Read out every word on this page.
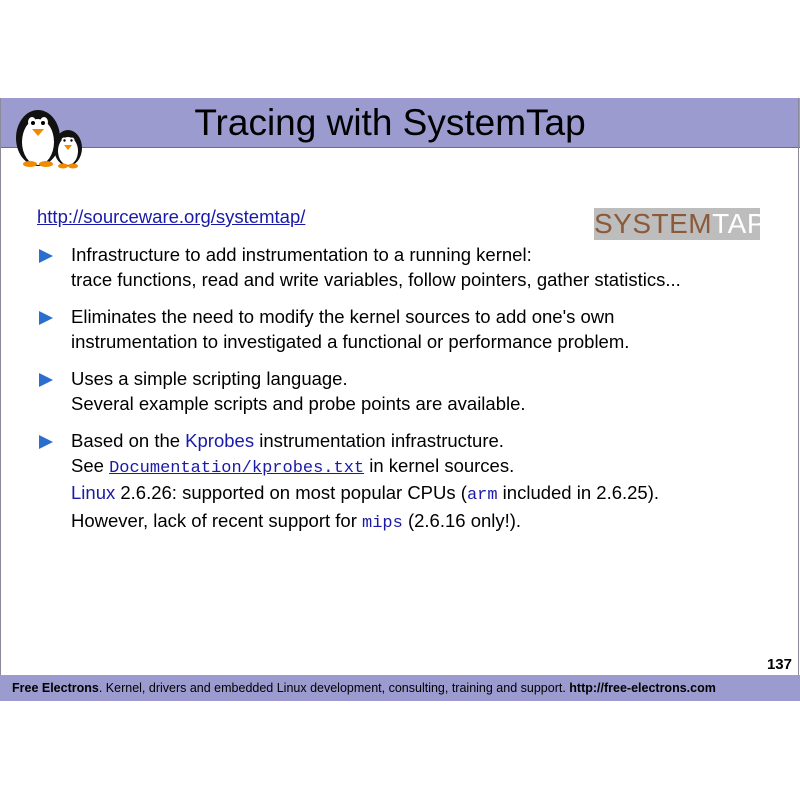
Tracing with SystemTap
http://sourceware.org/systemtap/	SYSTEMTAP
Infrastructure to add instrumentation to a running kernel:
trace functions, read and write variables, follow pointers, gather statistics...
Eliminates the need to modify the kernel sources to add one's own
instrumentation to investigated a functional or performance problem.
Uses a simple scripting language.
Several example scripts and probe points are available.
Based on the Kprobes instrumentation infrastructure.
See Documentation/kprobes.txt in kernel sources.
Linux 2.6.26: supported on most popular CPUs (arm included in 2.6.25).
However, lack of recent support for mips (2.6.16 only!).
137
Free Electrons. Kernel, drivers and embedded Linux development, consulting, training and support. http://free-electrons.com
